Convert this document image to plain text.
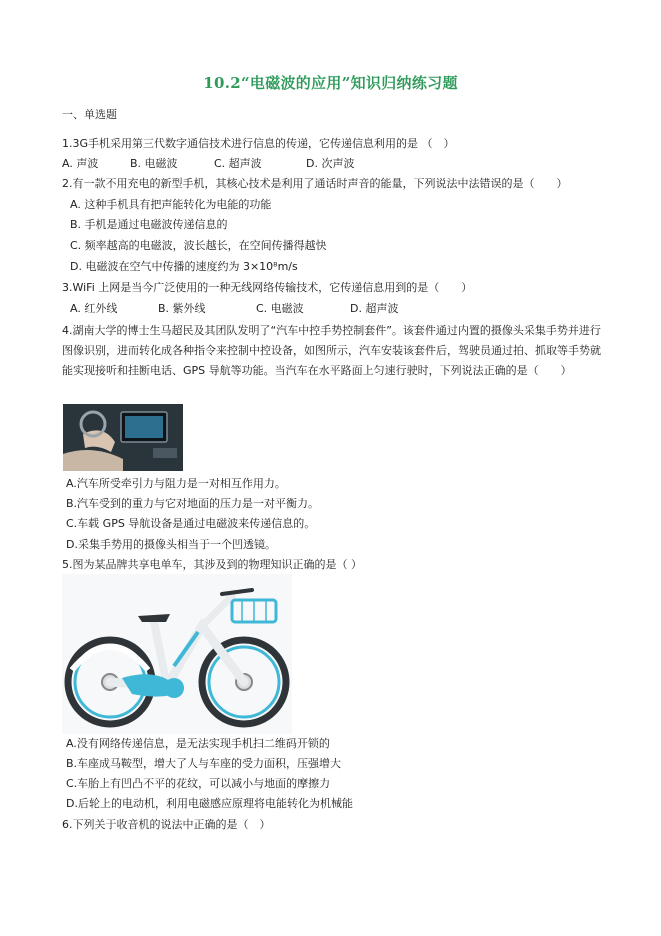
10.2“电磁波的应用”知识归纳练习题
一、单选题
1.3G手机采用第三代数字通信技术进行信息的传递，它传递信息利用的是 （　）
A. 声波	B. 电磁波	C. 超声波	D. 次声波
2.有一款不用充电的新型手机，其核心技术是利用了通话时声音的能量，下列说法中法错误的是（　　）
A. 这种手机具有把声能转化为电能的功能
B. 手机是通过电磁波传递信息的
C. 频率越高的电磁波，波长越长，在空间传播得越快
D. 电磁波在空气中传播的速度约为 3×10⁸m/s
3.WiFi 上网是当今广泛使用的一种无线网络传输技术，它传递信息用到的是（　　）
A. 红外线	B. 紫外线	C. 电磁波	D. 超声波
4.湖南大学的博士生马超民及其团队发明了“汽车中控手势控制套件”。该套件通过内置的摄像头采集手势并进行图像识别，进而转化成各种指令来控制中控设备，如图所示，汽车安装该套件后，驾驶员通过拍、抓取等手势就能实现接听和挂断电话、GPS 导航等功能。当汽车在水平路面上匀速行驶时，下列说法正确的是（　　）
A.汽车所受牵引力与阻力是一对相互作用力。
B.汽车受到的重力与它对地面的压力是一对平衡力。
C.车载 GPS 导航设备是通过电磁波来传递信息的。
D.采集手势用的摄像头相当于一个凹透镜。
5.图为某品牌共享电单车，其涉及到的物理知识正确的是（ ）
A.没有网络传递信息，是无法实现手机扫二维码开锁的
B.车座成马鞍型，增大了人与车座的受力面积，压强增大
C.车胎上有凹凸不平的花纹，可以减小与地面的摩擦力
D.后轮上的电动机，利用电磁感应原理将电能转化为机械能
6.下列关于收音机的说法中正确的是（　）
